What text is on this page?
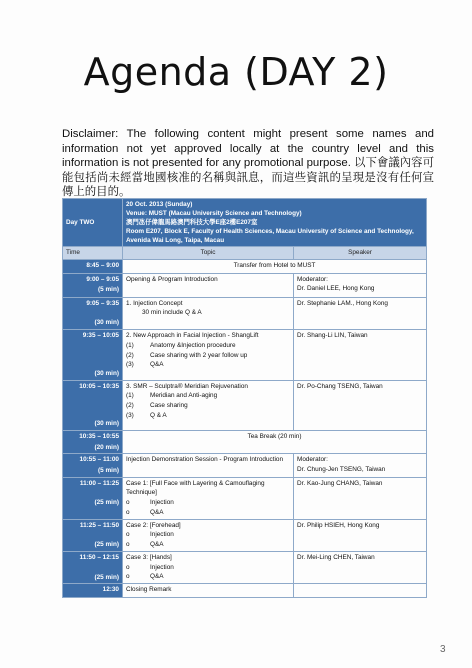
Agenda (DAY 2)
Disclaimer: The following content might present some names and information not yet approved locally at the country level and this information is not presented for any promotional purpose. 以下會議內容可能包括尚未經當地國核准的名稱與訊息，而這些資訊的呈現是沒有任何宣傳上的目的。
Day TWO	20 Oct. 2013 (Sunday)
Venue: MUST (Macau University Science and Technology)
澳門氹仔偉龍馬路澳門科技大學E座2樓E207室
Room E207, Block E, Faculty of Health Sciences, Macau University of Science and Technology, Avenida Wai Long, Taipa, Macau	

Time	Topic	Speaker

8:45 – 9:00	Transfer from Hotel to MUST	

9:00 – 9:05
(5 min)	Opening & Program Introduction	Moderator:
Dr. Daniel LEE, Hong Kong

9:05 – 9:35
(30 min)	1. Injection Concept
30 min include Q & A	Dr. Stephanie LAM., Hong Kong

9:35 – 10:05
(30 min)	2. New Approach in Facial Injection - ShangLift
(1) Anatomy &Injection procedure
(2) Case sharing with 2 year follow up
(3) Q&A	Dr. Shang-Li LIN, Taiwan

10:05 – 10:35
(30 min)	3. SMR – Sculptra® Meridian Rejuvenation
(1) Meridian and Anti-aging
(2) Case sharing
(3) Q & A	Dr. Po-Chang TSENG, Taiwan

10:35 – 10:55
(20 min)	Tea Break (20 min)	

10:55 – 11:00
(5 min)	Injection Demonstration Session - Program Introduction	Moderator:
Dr. Chung-Jen TSENG, Taiwan

11:00 – 11:25
(25 min)	Case 1: [Full Face with Layering & Camouflaging Technique]
o Injection
o Q&A	Dr. Kao-Jung CHANG, Taiwan

11:25 – 11:50
(25 min)	Case 2: [Forehead]
o Injection
o Q&A	Dr. Philip HSIEH, Hong Kong

11:50 – 12:15
(25 min)	Case 3: [Hands]
o Injection
o Q&A	Dr. Mei-Ling CHEN, Taiwan

12:30	Closing Remark	

3
